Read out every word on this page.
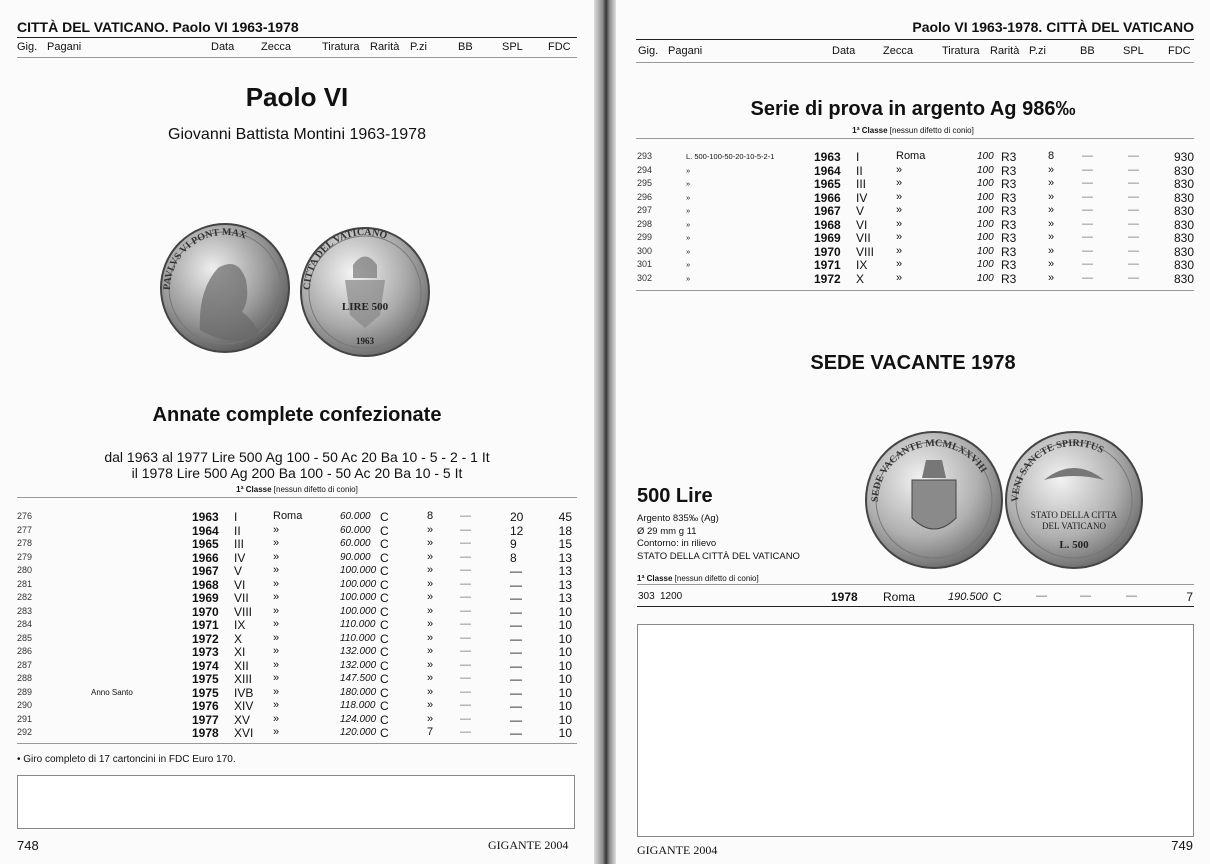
CITTÀ DEL VATICANO. Paolo VI 1963-1978
Gig. Pagani	Data Zecca	Tiratura Rarità P.zi	BB	SPL FDC
Paolo VI
Giovanni Battista Montini 1963-1978
PAVLVS VI PONT MAX
CITTA DEL VATICANO
LIRE 500
1963
Annate complete confezionate
dal 1963 al 1977 Lire 500 Ag 100 - 50 Ac 20 Ba 10 - 5 - 2 - 1 It
il 1978 Lire 500 Ag 200 Ba 100 - 50 Ac 20 Ba 10 - 5 It
1ª Classe [nessun difetto di conio]
276	1963 I	Roma	60.000 C	8 —	20	45
277	1964 II	»	60.000 C	» —	12	18
278	1965 III	»	60.000 C	» —	9	15
279	1966 IV	»	90.000 C	» —	8	13
280	1967 V	»	100.000 C	» —	—	13
281	1968 VI	»	100.000 C	» —	—	13
282	1969 VII »	100.000 C	» —	—	13
283	1970 VIII »	100.000 C	» —	—	10
284	1971 IX	»	110.000 C	» —	—	10
285	1972 X	»	110.000 C	» —	—	10
286	1973 XI	»	132.000 C	» —	—	10
287	1974 XII »	132.000 C	» —	—	10
288	1975 XIII »	147.500 C	» —	—	10
289	Anno Santo	1975 IVB »	180.000 C	» —	—	10
290	1976 XIV »	118.000 C	» —	—	10
291	1977 XV »	124.000 C	» —	—	10
292	1978 XVI »	120.000 C	7 —	—	10
• Giro completo di 17 cartoncini in FDC Euro 170.
748	GIGANTE 2004
Paolo VI 1963-1978. CITTÀ DEL VATICANO
Gig. Pagani	Data	Zecca	Tiratura Rarità P.zi	BB	SPL FDC
Serie di prova in argento Ag 986‰
1ª Classe [nessun difetto di conio]
293	L. 500-100-50-20-10-5-2-1	1963 I	Roma	100 R3	8	—	—	930
294	»	1964 II	»	100 R3	»	—	—	830
295	»	1965 III	»	100 R3	»	—	—	830
296	»	1966 IV	»	100 R3	»	—	—	830
297	»	1967 V	»	100 R3	»	—	—	830
298	»	1968 VI	»	100 R3	»	—	—	830
299	»	1969 VII »	100 R3	»	—	—	830
300	»	1970 VIII »	100 R3	»	—	—	830
301	»	1971 IX	»	100 R3	»	—	—	830
302	»	1972 X	»	100 R3	»	—	—	830
SEDE VACANTE 1978
500 Lire
Argento 835‰ (Ag)
Ø 29 mm g 11
Contorno: in rilievo
STATO DELLA CITTÀ DEL VATICANO
1ª Classe [nessun difetto di conio]
303 1200	1978 Roma	190.500 C	—	—	—	7
SEDE VACANTE MCMLXXVIII
VENI SANCTE SPIRITUS
STATO DELLA CITTA
DEL VATICANO
L. 500
GIGANTE 2004	749
